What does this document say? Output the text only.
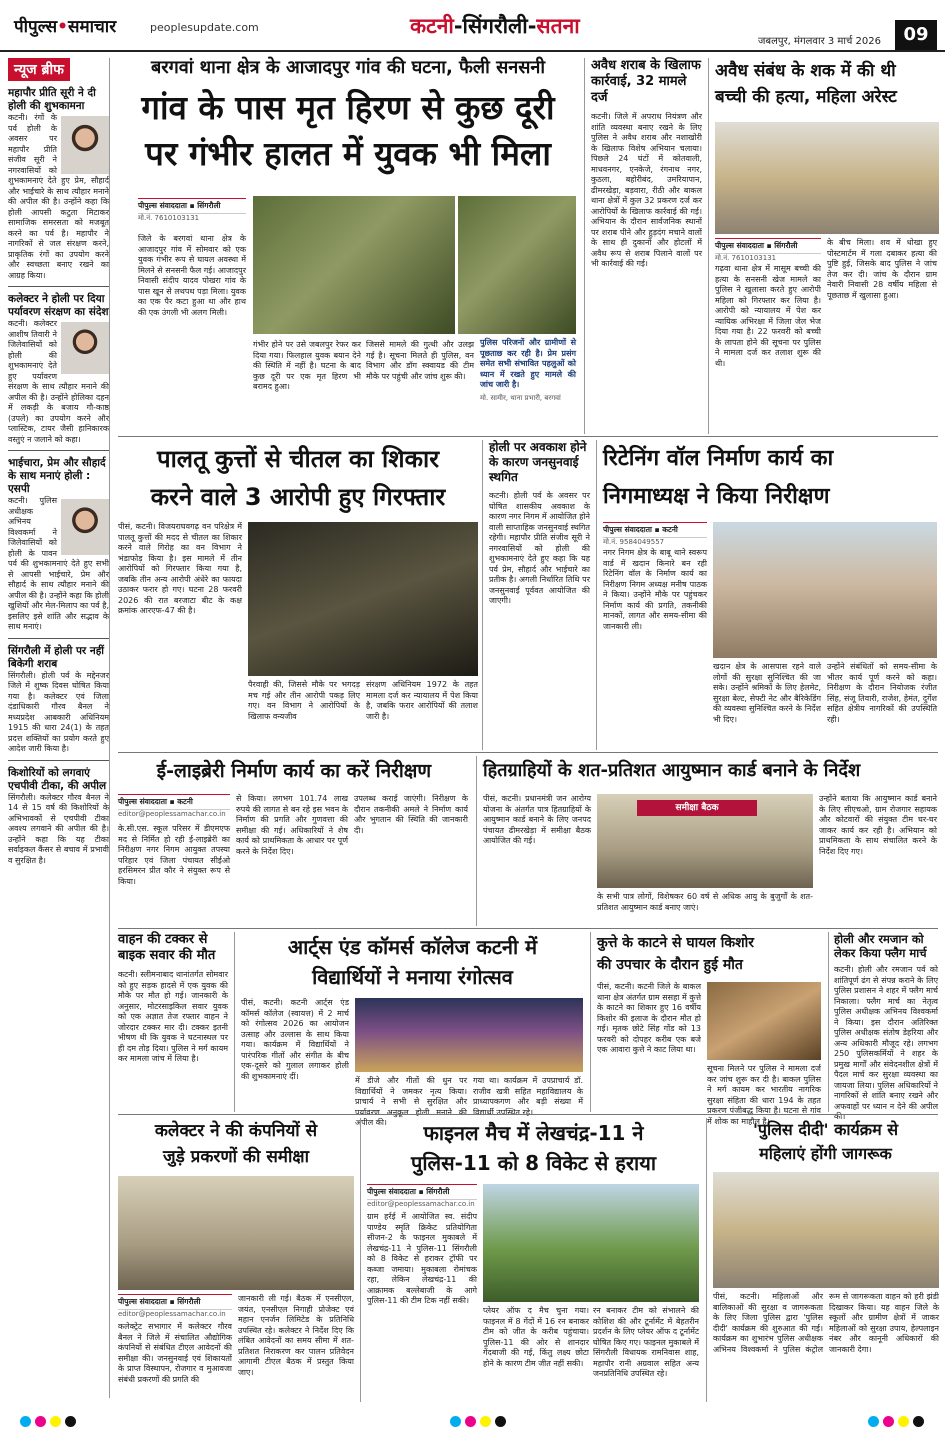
पीपुल्स•समाचार	peoplesupdate.com	कटनी-सिंगरौली-सतना
जबलपुर, मंगलवार 3 मार्च 2026	09
न्यूज ब्रीफ
महापौर प्रीति सूरी ने दी होली की शुभकामना
कटनी। रंगों के पर्व होली के अवसर पर महापौर प्रीति संजीव सूरी ने नगरवासियों को शुभकामनाएं देते हुए प्रेम, सौहार्द और भाईचारे के साथ त्यौहार मनाने की अपील की है। उन्होंने कहा कि होली आपसी कटुता मिटाकर सामाजिक समरसता को मजबूत करने का पर्व है। महापौर ने नागरिकों से जल संरक्षण करने, प्राकृतिक रंगों का उपयोग करने और स्वच्छता बनाए रखने का आग्रह किया।
कलेक्टर ने होली पर दिया पर्यावरण संरक्षण का संदेश
कटनी। कलेक्टर आशीष तिवारी ने जिलेवासियों को होली की शुभकामनाएं देते हुए पर्यावरण संरक्षण के साथ त्यौहार मनाने की अपील की है। उन्होंने होलिका दहन में लकड़ी के बजाय गौ-काष्ठ (उपले) का उपयोग करने और प्लास्टिक, टायर जैसी हानिकारक वस्तुएं न जलाने को कहा।
भाईचारा, प्रेम और सौहार्द के साथ मनाएं होली : एसपी
कटनी। पुलिस अधीक्षक अभिनय विश्वकर्मा ने जिलेवासियों को होली के पावन पर्व की शुभकामनाएं देते हुए सभी से आपसी भाईचारे, प्रेम और सौहार्द के साथ त्यौहार मनाने की अपील की है। उन्होंने कहा कि होली खुशियों और मेल-मिलाप का पर्व है, इसलिए इसे शांति और सद्भाव के साथ मनाएं।
सिंगरौली में होली पर नहीं बिकेगी शराब
सिंगरौली। होली पर्व के मद्देनजर जिले में शुष्क दिवस घोषित किया गया है। कलेक्टर एवं जिला दंडाधिकारी गौरव बैनल ने मध्यप्रदेश आबकारी अधिनियम 1915 की धारा 24(1) के तहत प्रदत्त शक्तियों का प्रयोग करते हुए आदेश जारी किया है।
किशोरियों को लगवाएं एचपीवी टीका, की अपील
सिंगरौली। कलेक्टर गौरव बैनल ने 14 से 15 वर्ष की किशोरियों के अभिभावकों से एचपीवी टीका अवश्य लगवाने की अपील की है। उन्होंने कहा कि यह टीका सर्वाइकल कैंसर से बचाव में प्रभावी व सुरक्षित है।
बरगवां थाना क्षेत्र के आजादपुर गांव की घटना, फैली सनसनी
गांव के पास मृत हिरण से कुछ दूरी
पर गंभीर हालत में युवक भी मिला
पीपुल्स संवाददाता ▪ सिंगरौली
मो.नं. 7610103131
जिले के बरगवां थाना क्षेत्र के आजादपुर गांव में सोमवार को एक युवक गंभीर रूप से घायल अवस्था में मिलने से सनसनी फैल गई। आजादपुर निवासी संदीप यादव पोखरा गांव के पास खून से लथपथ पड़ा मिला। युवक का एक पैर कटा हुआ था और हाथ की एक उंगली भी अलग मिली।
गंभीर होने पर उसे जबलपुर रेफर कर दिया गया। फिलहाल युवक बयान देने की स्थिति में नहीं है। घटना के बाद कुछ दूरी पर एक मृत हिरण भी बरामद हुआ।
जिससे मामले की गुत्थी और उलझ गई है। सूचना मिलते ही पुलिस, वन विभाग और डॉग स्क्वायड की टीम मौके पर पहुंची और जांच शुरू की।
पुलिस परिजनों और ग्रामीणों से पूछताछ कर रही है। प्रेम प्रसंग समेत सभी संभावित पहलुओं को ध्यान में रखते हुए मामले की जांच जारी है।
मो. सामीर, थाना प्रभारी, बरगवां
अवैध शराब के खिलाफ कार्रवाई, 32 मामले दर्ज
कटनी। जिले में अपराध नियंत्रण और शांति व्यवस्था बनाए रखने के लिए पुलिस ने अवैध शराब और नशाखोरी के खिलाफ विशेष अभियान चलाया। पिछले 24 घंटों में कोतवाली, माधवनगर, एनकेजे, रंगनाथ नगर, कुठला, बहोरीबंद, उमरियापान, ढीमरखेड़ा, बड़वारा, रीठी और बाकल थाना क्षेत्रों में कुल 32 प्रकरण दर्ज कर आरोपियों के खिलाफ कार्रवाई की गई। अभियान के दौरान सार्वजनिक स्थानों पर शराब पीने और हुड़दंग मचाने वालों के साथ ही दुकानों और होटलों में अवैध रूप से शराब पिलाने वालों पर भी कार्रवाई की गई।
अवैध संबंध के शक में की थी
बच्ची की हत्या, महिला अरेस्ट
पीपुल्स संवाददाता ▪ सिंगरौली
मो.नं. 7610103131
गढ़वा थाना क्षेत्र में मासूम बच्ची की हत्या के सनसनी खेज मामले का पुलिस ने खुलासा करते हुए आरोपी महिला को गिरफ्तार कर लिया है। आरोपी को न्यायालय में पेश कर न्यायिक अभिरक्षा में जिला जेल भेज दिया गया है। 22 फरवरी को बच्ची के लापता होने की सूचना पर पुलिस ने मामला दर्ज कर तलाश शुरू की थी।
के बीच मिला। शव में धोखा हुए पोस्टमार्टम में गला दबाकर हत्या की पुष्टि हुई, जिसके बाद पुलिस ने जांच तेज कर दी। जांच के दौरान ग्राम नेवारी निवासी 28 वर्षीय महिला से पूछताछ में खुलासा हुआ।
पालतू कुत्तों से चीतल का शिकार
करने वाले 3 आरोपी हुए गिरफ्तार
पीसं, कटनी। विजयराघवगढ़ वन परिक्षेत्र में पालतू कुत्तों की मदद से चीतल का शिकार करने वाले गिरोह का वन विभाग ने भंडाफोड़ किया है। इस मामले में तीन आरोपियों को गिरफ्तार किया गया है, जबकि तीन अन्य आरोपी अंधेरे का फायदा उठाकर फरार हो गए। घटना 28 फरवरी 2026 की रात बरजाटा बीट के कक्ष क्रमांक आरएफ-47 की है।
पैरवाही की, जिससे मौके पर भगदड़ मच गई और तीन आरोपी पकड़ लिए गए। वन विभाग ने आरोपियों के खिलाफ वन्यजीव
संरक्षण अधिनियम 1972 के तहत मामला दर्ज कर न्यायालय में पेश किया है, जबकि फरार आरोपियों की तलाश जारी है।
होली पर अवकाश होने के कारण जनसुनवाई स्थगित
कटनी। होली पर्व के अवसर पर घोषित शासकीय अवकाश के कारण नगर निगम में आयोजित होने वाली साप्ताहिक जनसुनवाई स्थगित रहेगी। महापौर प्रीति संजीव सूरी ने नगरवासियों को होली की शुभकामनाएं देते हुए कहा कि यह पर्व प्रेम, सौहार्द और भाईचारे का प्रतीक है। अगली निर्धारित तिथि पर जनसुनवाई पूर्ववत आयोजित की जाएगी।
रिटेनिंग वॉल निर्माण कार्य का
निगमाध्यक्ष ने किया निरीक्षण
पीपुल्स संवाददाता ▪ कटनी
मो.नं. 9584049557
नगर निगम क्षेत्र के बाबू थाने स्वरूप वार्ड में खदान किनारे बन रही रिटेनिंग वॉल के निर्माण कार्य का निरीक्षण निगम अध्यक्ष मनीष पाठक ने किया। उन्होंने मौके पर पहुंचकर निर्माण कार्य की प्रगति, तकनीकी मानकों, लागत और समय-सीमा की जानकारी ली।
खदान क्षेत्र के आसपास रहने वाले लोगों की सुरक्षा सुनिश्चित की जा सके। उन्होंने श्रमिकों के लिए हेलमेट, सुरक्षा बेल्ट, सेफ्टी नेट और बैरिकेडिंग की व्यवस्था सुनिश्चित करने के निर्देश भी दिए।
उन्होंने संबंधितों को समय-सीमा के भीतर कार्य पूर्ण करने को कहा। निरीक्षण के दौरान नियोजक रंजीत सिंह, संजू तिवारी, राजेश, हेमंत, दुर्गेश सहित क्षेत्रीय नागरिकों की उपस्थिति रही।
ई-लाइब्रेरी निर्माण कार्य का करें निरीक्षण
पीपुल्स संवाददाता ▪ कटनी
editor@peoplessamachar.co.in
के.सी.एस. स्कूल परिसर में डीएमएफ मद से निर्मित हो रही ई-लाइब्रेरी का निरीक्षण नगर निगम आयुक्त तपस्या परिहार एवं जिला पंचायत सीईओ हरसिमरन प्रीत कौर ने संयुक्त रूप से किया।
से किया। लगभग 101.74 लाख रुपये की लागत से बन रहे इस भवन के निर्माण की प्रगति और गुणवत्ता की समीक्षा की गई। अधिकारियों ने शेष कार्य को प्राथमिकता के आधार पर पूर्ण करने के निर्देश दिए।
उपलब्ध कराई जाएंगी। निरीक्षण के दौरान तकनीकी अमले ने निर्माण कार्य और भुगतान की स्थिति की जानकारी दी।
हितग्राहियों के शत-प्रतिशत आयुष्मान कार्ड बनाने के निर्देश
पीसं, कटनी। प्रधानमंत्री जन आरोग्य योजना के अंतर्गत पात्र हितग्राहियों के आयुष्मान कार्ड बनाने के लिए जनपद पंचायत ढीमरखेड़ा में समीक्षा बैठक आयोजित की गई।
समीक्षा बैठक
के सभी पात्र लोगों, विशेषकर 60 वर्ष से अधिक आयु के बुजुर्गों के शत-प्रतिशत आयुष्मान कार्ड बनाए जाएं।
उन्होंने बताया कि आयुष्मान कार्ड बनाने के लिए सीएचओ, ग्राम रोजगार सहायक और कोटवारों की संयुक्त टीम घर-घर जाकर कार्य कर रही है। अभियान को प्राथमिकता के साथ संचालित करने के निर्देश दिए गए।
वाहन की टक्कर से बाइक सवार की मौत
कटनी। स्लीमनाबाद थानांतर्गत सोमवार को हुए सड़क हादसे में एक युवक की मौके पर मौत हो गई। जानकारी के अनुसार, मोटरसाइकिल सवार युवक को एक अज्ञात तेज रफ्तार वाहन ने जोरदार टक्कर मार दी। टक्कर इतनी भीषण थी कि युवक ने घटनास्थल पर ही दम तोड़ दिया। पुलिस ने मर्ग कायम कर मामला जांच में लिया है।
आर्ट्स एंड कॉमर्स कॉलेज कटनी में
विद्यार्थियों ने मनाया रंगोत्सव
पीसं, कटनी। कटनी आर्ट्स एंड कॉमर्स कॉलेज (स्वायत्त) में 2 मार्च को रंगोत्सव 2026 का आयोजन उत्साह और उल्लास के साथ किया गया। कार्यक्रम में विद्यार्थियों ने पारंपरिक गीतों और संगीत के बीच एक-दूसरे को गुलाल लगाकर होली की शुभकामनाएं दीं।	में डीजे और गीतों की धुन पर विद्यार्थियों ने जमकर नृत्य किया। प्राचार्य ने सभी से सुरक्षित और पर्यावरण अनुकूल होली मनाने की अपील की।
गया था। कार्यक्रम में उपप्राचार्य डॉ. राजीव खत्री सहित महाविद्यालय के प्राध्यापकगण और बड़ी संख्या में विद्यार्थी उपस्थित रहे।
कुत्ते के काटने से घायल किशोर
की उपचार के दौरान हुई मौत
पीसं, कटनी। कटनी जिले के बाकल थाना क्षेत्र अंतर्गत ग्राम ससहा में कुत्ते के काटने का शिकार हुए 16 वर्षीय किशोर की इलाज के दौरान मौत हो गई। मृतक छोटे सिंह गोंड को 13 फरवरी को दोपहर करीब एक बजे एक आवारा कुत्ते ने काट लिया था।
सूचना मिलने पर पुलिस ने मामला दर्ज कर जांच शुरू कर दी है। बाकल पुलिस ने मर्ग कायम कर भारतीय नागरिक सुरक्षा संहिता की धारा 194 के तहत प्रकरण पंजीबद्ध किया है। घटना से गांव में शोक का माहौल है।
होली और रमजान को लेकर किया फ्लैग मार्च
कटनी। होली और रमजान पर्व को शांतिपूर्ण ढंग से संपन्न कराने के लिए पुलिस प्रशासन ने शहर में फ्लैग मार्च निकाला। फ्लैग मार्च का नेतृत्व पुलिस अधीक्षक अभिनय विश्वकर्मा ने किया। इस दौरान अतिरिक्त पुलिस अधीक्षक संतोष डेहरिया और अन्य अधिकारी मौजूद रहे। लगभग 250 पुलिसकर्मियों ने शहर के प्रमुख मार्गों और संवेदनशील क्षेत्रों में पैदल मार्च कर सुरक्षा व्यवस्था का जायजा लिया। पुलिस अधिकारियों ने नागरिकों से शांति बनाए रखने और अफवाहों पर ध्यान न देने की अपील की।
कलेक्टर ने की कंपनियों से
जुड़े प्रकरणों की समीक्षा
पीपुल्स संवाददाता ▪ सिंगरौली
editor@peoplessamachar.co.in
कलेक्ट्रेट सभागार में कलेक्टर गौरव बैनल ने जिले में संचालित औद्योगिक कंपनियों से संबंधित टीएल आवेदनों की समीक्षा की। जनसुनवाई एवं शिकायतों के प्राप्त विस्थापन, रोजगार व मुआवजा संबंधी प्रकरणों की प्रगति की
जानकारी ली गई। बैठक में एनसीएल, जयंत, एनसीएल निगाही प्रोजेक्ट एवं महान एनर्जन लिमिटेड के प्रतिनिधि उपस्थित रहे। कलेक्टर ने निर्देश दिए कि लंबित आवेदनों का समय सीमा में शत-प्रतिशत निराकरण कर पालन प्रतिवेदन आगामी टीएल बैठक में प्रस्तुत किया जाए।
फाइनल मैच में लेखचंद्र-11 ने
पुलिस-11 को 8 विकेट से हराया
पीपुल्स संवाददाता ▪ सिंगरौली
editor@peoplessamachar.co.in
ग्राम हर्रई में आयोजित स्व. संदीप पाण्डेय स्मृति क्रिकेट प्रतियोगिता सीजन-2 के फाइनल मुकाबले में लेखचंद्र-11 ने पुलिस-11 सिंगरौली को 8 विकेट से हराकर ट्रॉफी पर कब्जा जमाया। मुकाबला रोमांचक रहा, लेकिन लेखचंद्र-11 की आक्रामक बल्लेबाजी के आगे पुलिस-11 की टीम टिक नहीं सकी।
प्लेयर ऑफ द मैच चुना गया। फाइनल में 8 गेंदों में 16 रन बनाकर टीम को जीत के करीब पहुंचाया। पुलिस-11 की ओर से शानदार गेंदबाजी की गई, किंतु लक्ष्य छोटा होने के कारण टीम जीत नहीं सकी।
रन बनाकर टीम को संभालने की कोशिश की और टूर्नामेंट में बेहतरीन प्रदर्शन के लिए प्लेयर ऑफ द टूर्नामेंट घोषित किए गए। फाइनल मुकाबले में सिंगरौली विधायक रामनिवास शाह, महापौर रानी अग्रवाल सहित अन्य जनप्रतिनिधि उपस्थित रहे।
'पुलिस दीदी' कार्यक्रम से
महिलाएं होंगी जागरूक
पीसं, कटनी। महिलाओं और बालिकाओं की सुरक्षा व जागरूकता के लिए जिला पुलिस द्वारा 'पुलिस दीदी' कार्यक्रम की शुरुआत की गई। कार्यक्रम का शुभारंभ पुलिस अधीक्षक अभिनय विश्वकर्मा ने पुलिस कंट्रोल रूम से जागरूकता वाहन को हरी झंडी दिखाकर किया। यह वाहन जिले के स्कूलों और ग्रामीण क्षेत्रों में जाकर महिलाओं को सुरक्षा उपाय, हेल्पलाइन नंबर और कानूनी अधिकारों की जानकारी देगा।
